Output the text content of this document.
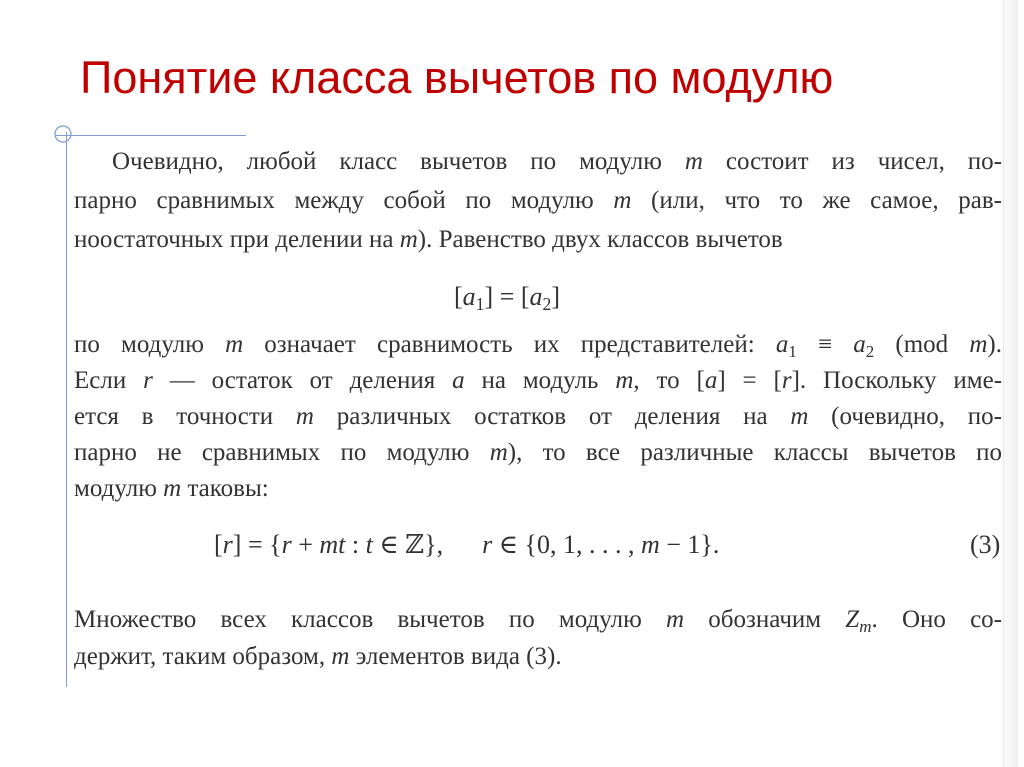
Понятие класса вычетов по модулю
Очевидно, любой класс вычетов по модулю m состоит из чисел, по-
парно сравнимых между собой по модулю m (или, что то же самое, рав-
ноостаточных при делении на m). Равенство двух классов вычетов
$[a_1] = [a_2]$
по модулю m означает сравнимость их представителей: $a_1 \equiv a_2$ (mod m).
Если r — остаток от деления a на модуль m, то [a] = [r]. Поскольку име-
ется в точности m различных остатков от деления на m (очевидно, по-
парно не сравнимых по модулю m), то все различные классы вычетов по
модулю m таковы:
[r] = {r + mt : t ∈ ℤ},      r ∈ {0, 1, . . . , m − 1}.	(3)
Множество всех классов вычетов по модулю m обозначим $Z_m$. Оно со-
держит, таким образом, m элементов вида (3).
